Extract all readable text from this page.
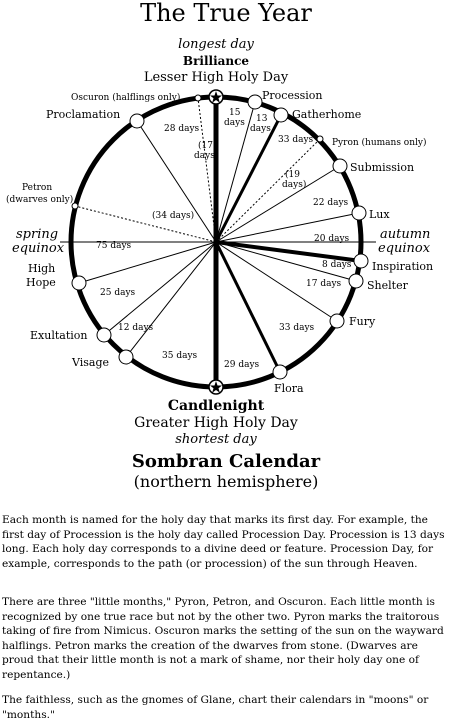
The True Year
longest day
Brilliance
Lesser High Holy Day
Candlenight
Greater High Holy Day
shortest day
spring
equinox
autumn
equinox
Procession
Oscuron (halflings only)
Gatherhome
Pyron (humans only)
Submission
Lux
Inspiration
Shelter
Fury
Flora
Visage
Exultation
High
Hope
Petron
(dwarves only)
Proclamation	15 days	13 days
33 days
(19 days)
22 days
20 days
8 days
17 days
33 days
29 days
35 days
12 days
25 days
75 days
(34 days)
28 days
(17 days)
Sombran Calendar
(northern hemisphere)

Each month is named for the holy day that marks its first day. For example, the first day of Procession is the holy day called Procession Day. Procession is 13 days long. Each holy day corresponds to a divine deed or feature. Procession Day, for example, corresponds to the path (or procession) of the sun through Heaven.

There are three "little months," Pyron, Petron, and Oscuron. Each little month is recognized by one true race but not by the other two. Pyron marks the traitorous taking of fire from Nimicus. Oscuron marks the setting of the sun on the wayward halflings. Petron marks the creation of the dwarves from stone. (Dwarves are proud that their little month is not a mark of shame, nor their holy day one of repentance.)

The faithless, such as the gnomes of Glane, chart their calendars in "moons" or "months."
